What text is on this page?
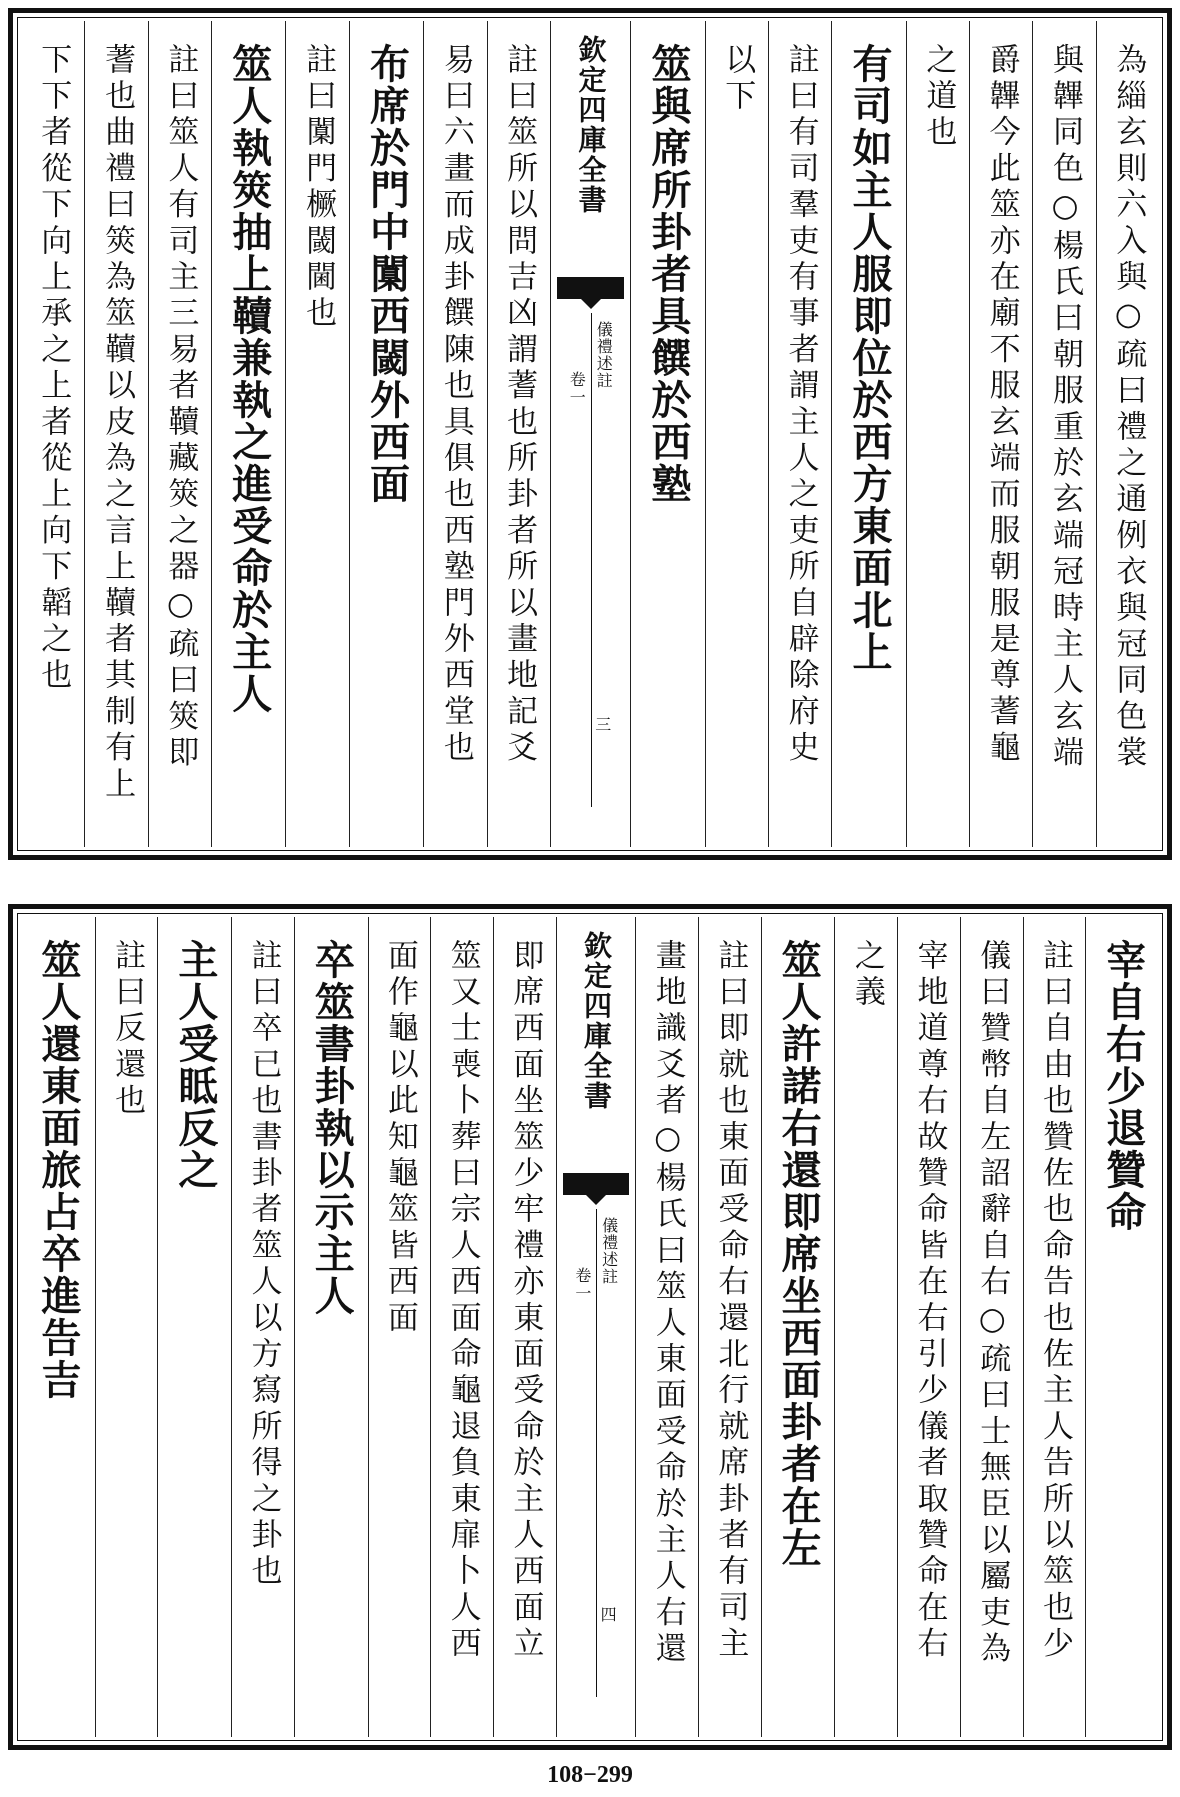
為緇玄則六入與○疏曰禮之通例衣與冠同色裳
與韠同色○楊氏曰朝服重於玄端冠時主人玄端
爵韠今此筮亦在廟不服玄端而服朝服是尊蓍龜
之道也
有司如主人服即位於西方東面北上
註曰有司羣吏有事者謂主人之吏所自辟除府史
以下
筮與席所卦者具饌於西塾
欽定四庫全書
儀禮述註
卷一
三
註曰筮所以問吉凶謂蓍也所卦者所以畫地記爻
易曰六畫而成卦饌陳也具俱也西塾門外西堂也
布席於門中闑西閾外西面
註曰闑門橛閾閫也
筮人執筴抽上韇兼執之進受命於主人
註曰筮人有司主三易者韇藏筴之器○疏曰筴即
蓍也曲禮曰筴為筮韇以皮為之言上韇者其制有上
下下者從下向上承之上者從上向下韜之也
宰自右少退贊命
註曰自由也贊佐也命告也佐主人告所以筮也少
儀曰贊幣自左詔辭自右○疏曰士無臣以屬吏為
宰地道尊右故贊命皆在右引少儀者取贊命在右
之義
筮人許諾右還即席坐西面卦者在左
註曰即就也東面受命右還北行就席卦者有司主
畫地識爻者○楊氏曰筮人東面受命於主人右還
欽定四庫全書
儀禮述註
卷一
四
即席西面坐筮少牢禮亦東面受命於主人西面立
筮又士喪卜葬曰宗人西面命龜退負東扉卜人西
面作龜以此知龜筮皆西面
卒筮書卦執以示主人
註曰卒已也書卦者筮人以方寫所得之卦也
主人受眡反之
註曰反還也
筮人還東面旅占卒進告吉
108−299
